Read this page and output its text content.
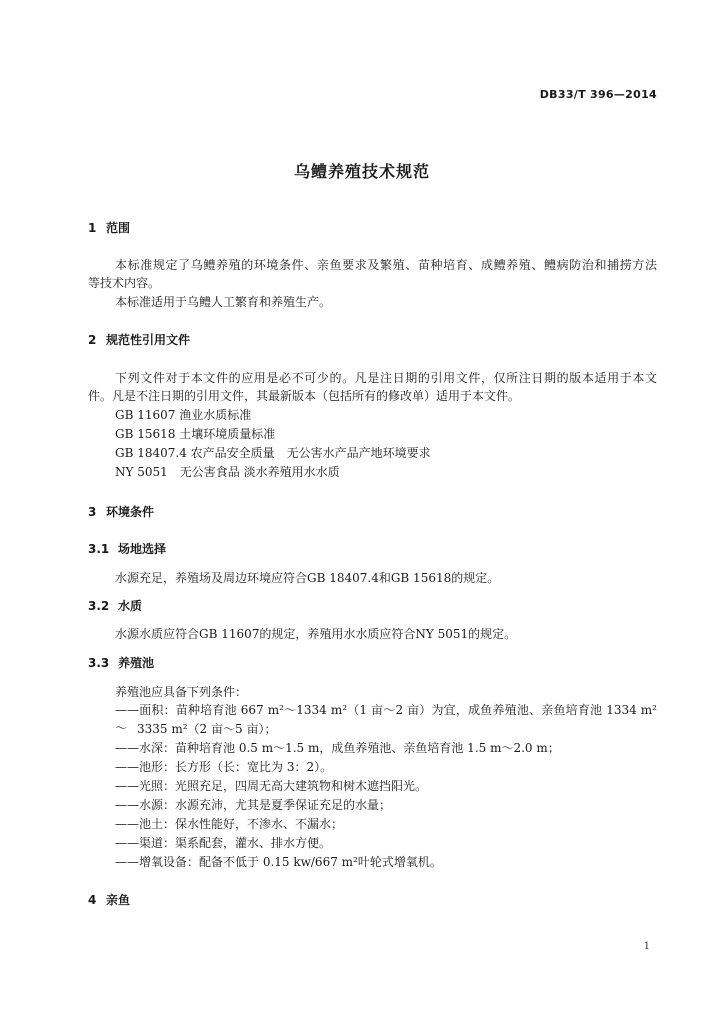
DB33/T 396—2014
乌鳢养殖技术规范
1 范围
本标准规定了乌鳢养殖的环境条件、亲鱼要求及繁殖、苗种培育、成鳢养殖、鳢病防治和捕捞方法
等技术内容。
本标准适用于乌鳢人工繁育和养殖生产。
2 规范性引用文件
下列文件对于本文件的应用是必不可少的。凡是注日期的引用文件，仅所注日期的版本适用于本文
件。凡是不注日期的引用文件，其最新版本（包括所有的修改单）适用于本文件。
GB 11607 渔业水质标准
GB 15618 土壤环境质量标准
GB 18407.4 农产品安全质量　无公害水产品产地环境要求
NY 5051　无公害食品 淡水养殖用水水质
3 环境条件
3.1 场地选择
水源充足，养殖场及周边环境应符合GB 18407.4和GB 15618的规定。
3.2 水质
水源水质应符合GB 11607的规定，养殖用水水质应符合NY 5051的规定。
3.3 养殖池
养殖池应具备下列条件：
——面积：苗种培育池 667 m²～1334 m²（1 亩～2 亩）为宜，成鱼养殖池、亲鱼培育池 1334 m²～ 3335 m²（2 亩～5 亩）；
——水深：苗种培育池 0.5 m～1.5 m，成鱼养殖池、亲鱼培育池 1.5 m～2.0 m；
——池形：长方形（长：宽比为 3：2）。
——光照：光照充足，四周无高大建筑物和树木遮挡阳光。
——水源：水源充沛，尤其是夏季保证充足的水量；
——池土：保水性能好，不渗水、不漏水；
——渠道：渠系配套，灌水、排水方便。
——增氧设备：配备不低于 0.15 kw/667 m²叶轮式增氧机。
4 亲鱼
1
